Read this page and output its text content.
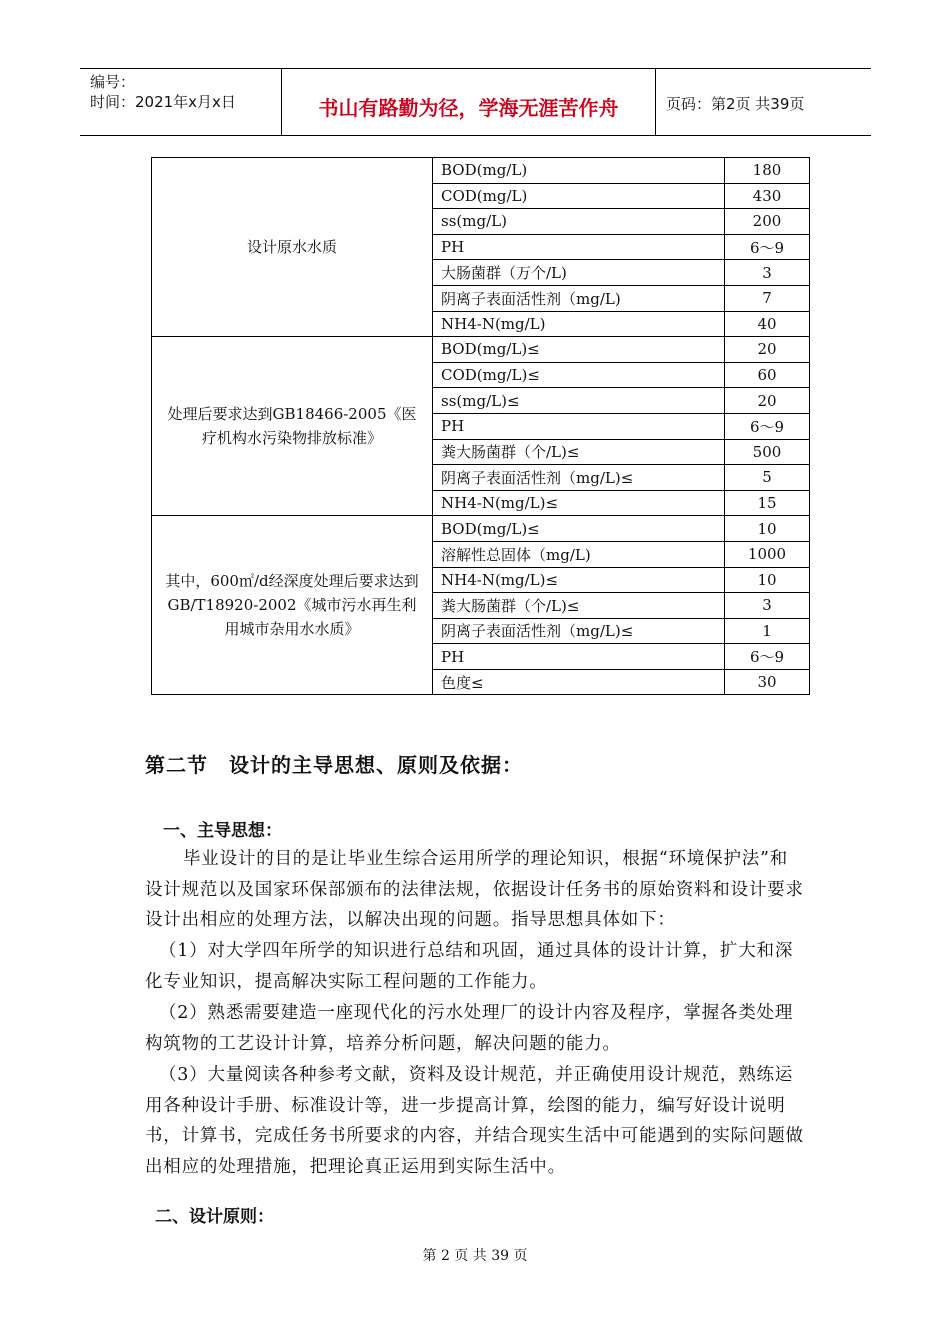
编号：
时间：2021年x月x日	书山有路勤为径，学海无涯苦作舟	页码：第2页 共39页
设计原水水质	BOD(mg/L)	180
	COD(mg/L)	430
	ss(mg/L)	200
	PH	6～9
	大肠菌群（万个/L)	3
	阴离子表面活性剂（mg/L)	7
	NH4-N(mg/L)	40
处理后要求达到GB18466-2005《医疗机构水污染物排放标准》	BOD(mg/L)≤	20
	COD(mg/L)≤	60
	ss(mg/L)≤	20
	PH	6～9
	粪大肠菌群（个/L)≤	500
	阴离子表面活性剂（mg/L)≤	5
	NH4-N(mg/L)≤	15
其中，600㎡/d经深度处理后要求达到GB/T18920-2002《城市污水再生利用城市杂用水水质》	BOD(mg/L)≤	10
	溶解性总固体（mg/L)	1000
	NH4-N(mg/L)≤	10
	粪大肠菌群（个/L)≤	3
	阴离子表面活性剂（mg/L)≤	1
	PH	6～9
	色度≤	30
第二节　设计的主导思想、原则及依据：
一、主导思想：
毕业设计的目的是让毕业生综合运用所学的理论知识，根据“环境保护法”和设计规范以及国家环保部颁布的法律法规，依据设计任务书的原始资料和设计要求设计出相应的处理方法，以解决出现的问题。指导思想具体如下：
（1）对大学四年所学的知识进行总结和巩固，通过具体的设计计算，扩大和深化专业知识，提高解决实际工程问题的工作能力。
（2）熟悉需要建造一座现代化的污水处理厂的设计内容及程序，掌握各类处理构筑物的工艺设计计算，培养分析问题，解决问题的能力。
（3）大量阅读各种参考文献，资料及设计规范，并正确使用设计规范，熟练运用各种设计手册、标准设计等，进一步提高计算，绘图的能力，编写好设计说明书，计算书，完成任务书所要求的内容，并结合现实生活中可能遇到的实际问题做出相应的处理措施，把理论真正运用到实际生活中。
二、设计原则：
第 2 页 共 39 页
